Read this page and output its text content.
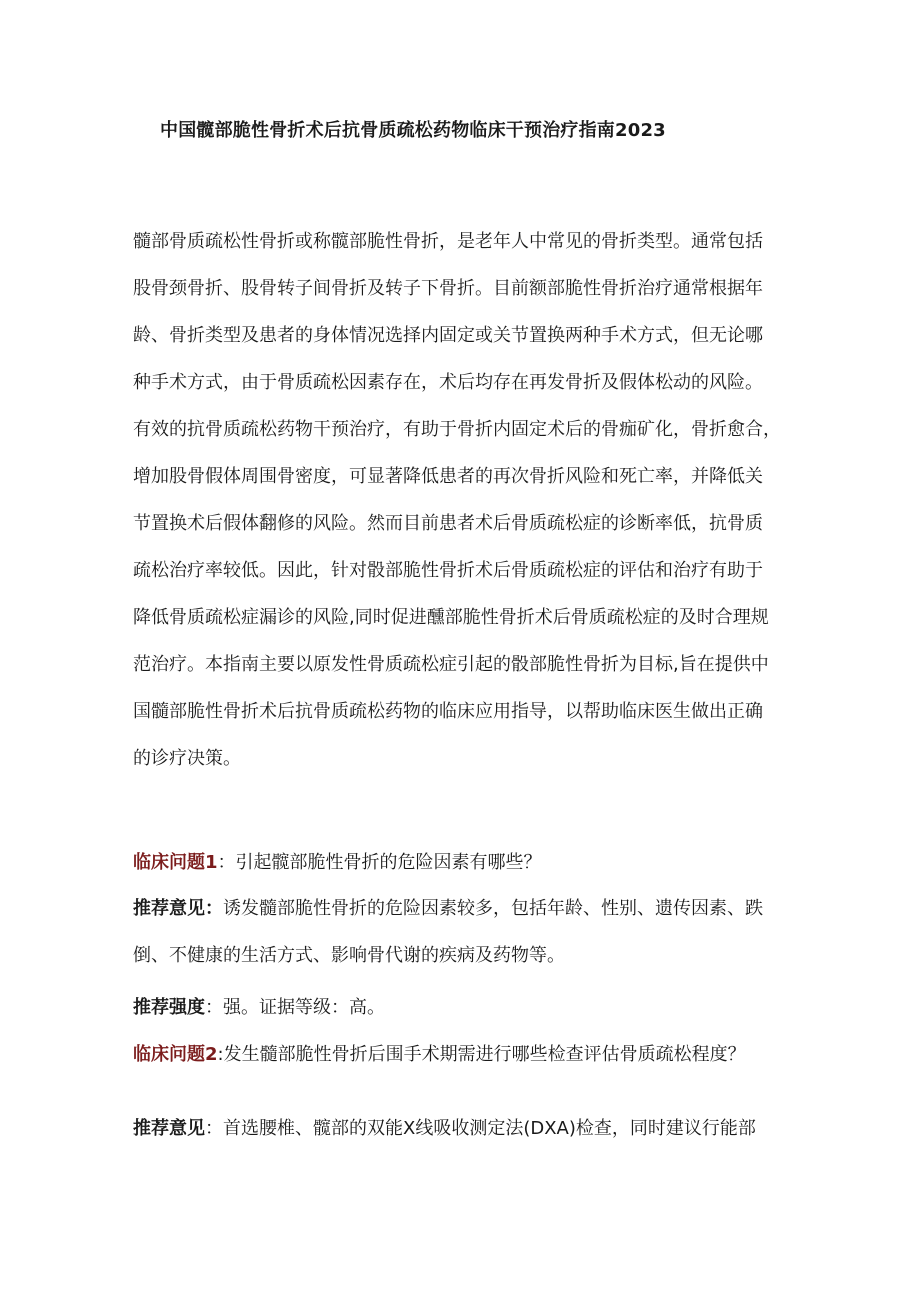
中国髋部脆性骨折术后抗骨质疏松药物临床干预治疗指南2023

髓部骨质疏松性骨折或称髋部脆性骨折，是老年人中常见的骨折类型。通常包括
股骨颈骨折、股骨转子间骨折及转子下骨折。目前额部脆性骨折治疗通常根据年
龄、骨折类型及患者的身体情况选择内固定或关节置换两种手术方式，但无论哪
种手术方式，由于骨质疏松因素存在，术后均存在再发骨折及假体松动的风险。
有效的抗骨质疏松药物干预治疗，有助于骨折内固定术后的骨痂矿化，骨折愈合，
增加股骨假体周围骨密度，可显著降低患者的再次骨折风险和死亡率，并降低关
节置换术后假体翻修的风险。然而目前患者术后骨质疏松症的诊断率低，抗骨质
疏松治疗率较低。因此，针对骰部脆性骨折术后骨质疏松症的评估和治疗有助于
降低骨质疏松症漏诊的风险,同时促进醺部脆性骨折术后骨质疏松症的及时合理规
范治疗。本指南主要以原发性骨质疏松症引起的骰部脆性骨折为目标,旨在提供中
国髓部脆性骨折术后抗骨质疏松药物的临床应用指导，以帮助临床医生做出正确
的诊疗决策。

临床问题1：引起髋部脆性骨折的危险因素有哪些？

推荐意见：诱发髓部脆性骨折的危险因素较多，包括年龄、性别、遗传因素、跌
倒、不健康的生活方式、影响骨代谢的疾病及药物等。

推荐强度：强。证据等级：高。

临床问题2:发生髓部脆性骨折后围手术期需进行哪些检查评估骨质疏松程度？

推荐意见：首选腰椎、髋部的双能X线吸收测定法(DXA)检查，同时建议行能部
